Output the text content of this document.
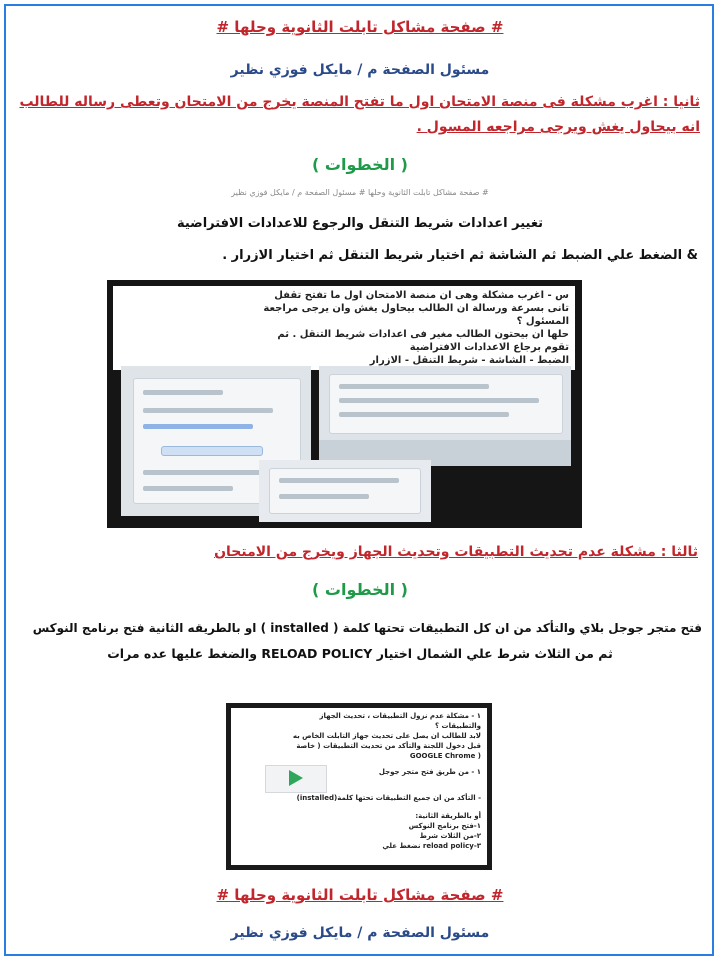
# صفحة مشاكل تابلت الثانوية وحلها #
مسئول الصفحة م / مايكل فوزي نظير
ثانيا : اغرب مشكلة فى منصة الامتحان اول ما تفتح المنصة يخرج من الامتحان وتعطى رساله للطالب
انه بيحاول يغش ويرجى مراجعه المسول .
( الخطوات )
# صفحة مشاكل تابلت الثانوية وحلها # مسئول الصفحة م / مايكل فوزي نظير
تغيير اعدادات شريط التنقل والرجوع للاعدادات الافتراضية
& الضغط علي الضبط ثم الشاشة ثم اختيار شريط التنقل ثم اختيار الازرار .
س - اغرب مشكلة وهى ان منصة الامتحان اول ما تفتح تقفل
تانى بسرعة ورسالة ان الطالب بيحاول يغش وان يرجى مراجعة
المسئول ؟
حلها ان بيحتون الطالب مغير فى اعدادات شريط التنقل . ثم
تقوم برجاع الاعدادات الافتراضية
الضبط - الشاشة - شريط التنقل - الازرار
ثالثا : مشكلة عدم تحديث التطبيقات وتحديث الجهاز ويخرج من الامتحان
( الخطوات )
فتح متجر جوجل بلاي والتأكد من ان كل التطبيقات تحتها كلمة ( installed ) او بالطريقه الثانية فتح برنامج النوكس
ثم من الثلاث شرط علي الشمال اختيار RELOAD POLICY والضغط عليها عده مرات
١ - مشكلة عدم نزول التطبيقات ، تحديث الجهاز
والتطبيقات ؟
لابد للطالب ان يصل على تحديث جهاز التابلت الخاص به
قبل دخول اللجنة والتأكد من تحديث التطبيقات ( خاصة
( GOOGLE Chrome
١ - من طريق فتح متجر جوجل
- التأكد من ان جميع التطبيقات تحتها كلمة(installed)
أو بالطريقة الثانية:
١-فتح برنامج النوكس
٢-من الثلاث شرط
٣-reload policy نضغط علي
# صفحة مشاكل تابلت الثانوية وحلها #
مسئول الصفحة م / مايكل فوزي نظير
